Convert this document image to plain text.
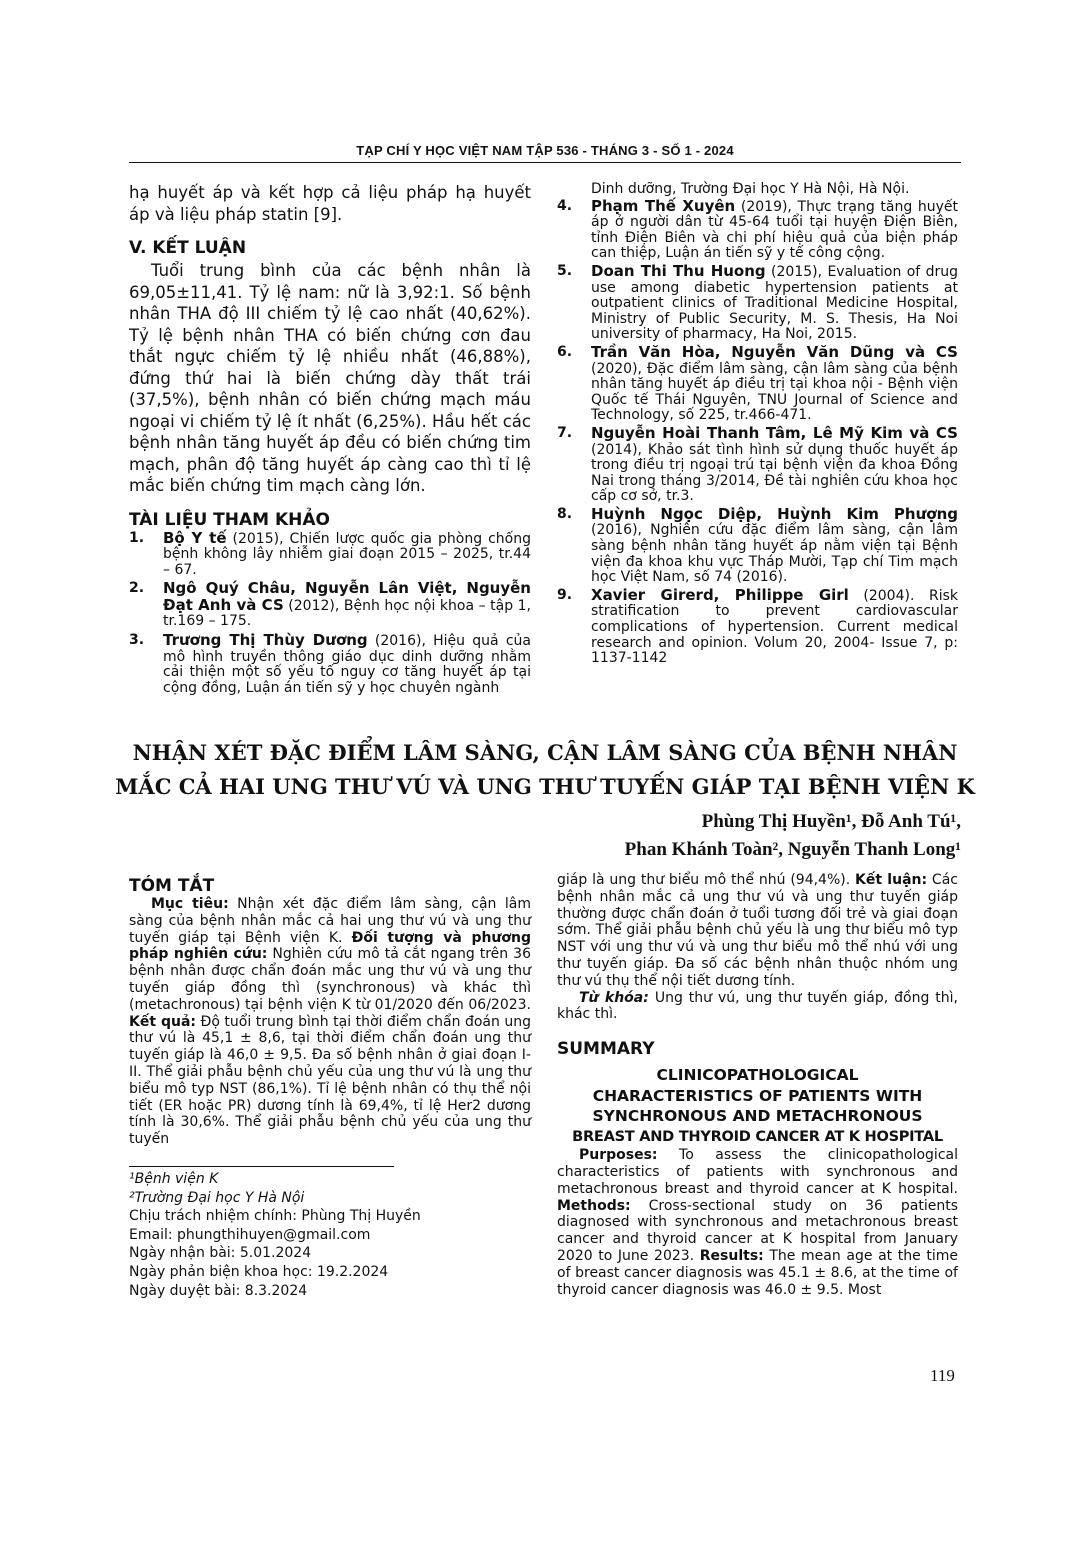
TẠP CHÍ Y HỌC VIỆT NAM TẬP 536 - THÁNG 3 - SỐ 1 - 2024
hạ huyết áp và kết hợp cả liệu pháp hạ huyết áp và liệu pháp statin [9].
V. KẾT LUẬN
Tuổi trung bình của các bệnh nhân là 69,05±11,41. Tỷ lệ nam: nữ là 3,92:1. Số bệnh nhân THA độ III chiếm tỷ lệ cao nhất (40,62%). Tỷ lệ bệnh nhân THA có biến chứng cơn đau thắt ngực chiếm tỷ lệ nhiều nhất (46,88%), đứng thứ hai là biến chứng dày thất trái (37,5%), bệnh nhân có biến chứng mạch máu ngoại vi chiếm tỷ lệ ít nhất (6,25%). Hầu hết các bệnh nhân tăng huyết áp đều có biến chứng tim mạch, phân độ tăng huyết áp càng cao thì tỉ lệ mắc biến chứng tim mạch càng lớn.
TÀI LIỆU THAM KHẢO
1. Bộ Y tế (2015), Chiến lược quốc gia phòng chống bệnh không lây nhiễm giai đoạn 2015 – 2025, tr.44 – 67.
2. Ngô Quý Châu, Nguyễn Lân Việt, Nguyễn Đạt Anh và CS (2012), Bệnh học nội khoa – tập 1, tr.169 – 175.
3. Trương Thị Thùy Dương (2016), Hiệu quả của mô hình truyền thông giáo dục dinh dưỡng nhằm cải thiện một số yếu tố nguy cơ tăng huyết áp tại cộng đồng, Luận án tiến sỹ y học chuyên ngành
Dinh dưỡng, Trường Đại học Y Hà Nội, Hà Nội.
4. Phạm Thế Xuyên (2019), Thực trạng tăng huyết áp ở người dân từ 45-64 tuổi tại huyện Điện Biên, tỉnh Điện Biên và chi phí hiệu quả của biện pháp can thiệp, Luận án tiến sỹ y tế công cộng.
5. Doan Thi Thu Huong (2015), Evaluation of drug use among diabetic hypertension patients at outpatient clinics of Traditional Medicine Hospital, Ministry of Public Security, M. S. Thesis, Ha Noi university of pharmacy, Ha Noi, 2015.
6. Trần Văn Hòa, Nguyễn Văn Dũng và CS (2020), Đặc điểm lâm sàng, cận lâm sàng của bệnh nhân tăng huyết áp điều trị tại khoa nội - Bệnh viện Quốc tế Thái Nguyên, TNU Journal of Science and Technology, số 225, tr.466-471.
7. Nguyễn Hoài Thanh Tâm, Lê Mỹ Kim và CS (2014), Khảo sát tình hình sử dụng thuốc huyết áp trong điều trị ngoại trú tại bệnh viện đa khoa Đồng Nai trong tháng 3/2014, Đề tài nghiên cứu khoa học cấp cơ sở, tr.3.
8. Huỳnh Ngọc Diệp, Huỳnh Kim Phượng (2016), Nghiên cứu đặc điểm lâm sàng, cận lâm sàng bệnh nhân tăng huyết áp nằm viện tại Bệnh viện đa khoa khu vực Tháp Mười, Tạp chí Tim mạch học Việt Nam, số 74 (2016).
9. Xavier Girerd, Philippe Girl (2004). Risk stratification to prevent cardiovascular complications of hypertension. Current medical research and opinion. Volum 20, 2004- Issue 7, p: 1137-1142
NHẬN XÉT ĐẶC ĐIỂM LÂM SÀNG, CẬN LÂM SÀNG CỦA BỆNH NHÂN
MẮC CẢ HAI UNG THƯ VÚ VÀ UNG THƯ TUYẾN GIÁP TẠI BỆNH VIỆN K
Phùng Thị Huyền¹, Đỗ Anh Tú¹,
Phan Khánh Toàn², Nguyễn Thanh Long¹
TÓM TẮT

Mục tiêu: Nhận xét đặc điểm lâm sàng, cận lâm sàng của bệnh nhân mắc cả hai ung thư vú và ung thư tuyến giáp tại Bệnh viện K. Đối tượng và phương pháp nghiên cứu: Nghiên cứu mô tả cắt ngang trên 36 bệnh nhân được chẩn đoán mắc ung thư vú và ung thư tuyến giáp đồng thì (synchronous) và khác thì (metachronous) tại bệnh viện K từ 01/2020 đến 06/2023. Kết quả: Độ tuổi trung bình tại thời điểm chẩn đoán ung thư vú là 45,1 ± 8,6, tại thời điểm chẩn đoán ung thư tuyến giáp là 46,0 ± 9,5. Đa số bệnh nhân ở giai đoạn I-II. Thể giải phẫu bệnh chủ yếu của ung thư vú là ung thư biểu mô typ NST (86,1%). Tỉ lệ bệnh nhân có thụ thể nội tiết (ER hoặc PR) dương tính là 69,4%, tỉ lệ Her2 dương tính là 30,6%. Thể giải phẫu bệnh chủ yếu của ung thư tuyến

¹Bệnh viện K
²Trường Đại học Y Hà Nội
Chịu trách nhiệm chính: Phùng Thị Huyền
Email: phungthihuyen@gmail.com
Ngày nhận bài: 5.01.2024
Ngày phản biện khoa học: 19.2.2024
Ngày duyệt bài: 8.3.2024

giáp là ung thư biểu mô thể nhú (94,4%). Kết luận: Các bệnh nhân mắc cả ung thư vú và ung thư tuyến giáp thường được chẩn đoán ở tuổi tương đối trẻ và giai đoạn sớm. Thể giải phẫu bệnh chủ yếu là ung thư biểu mô typ NST với ung thư vú và ung thư biểu mô thể nhú với ung thư tuyến giáp. Đa số các bệnh nhân thuộc nhóm ung thư vú thụ thể nội tiết dương tính.

Từ khóa: Ung thư vú, ung thư tuyến giáp, đồng thì, khác thì.

SUMMARY
CLINICOPATHOLOGICAL
CHARACTERISTICS OF PATIENTS WITH
SYNCHRONOUS AND METACHRONOUS
BREAST AND THYROID CANCER AT K HOSPITAL

Purposes: To assess the clinicopathological characteristics of patients with synchronous and metachronous breast and thyroid cancer at K hospital. Methods: Cross-sectional study on 36 patients diagnosed with synchronous and metachronous breast cancer and thyroid cancer at K hospital from January 2020 to June 2023. Results: The mean age at the time of breast cancer diagnosis was 45.1 ± 8.6, at the time of thyroid cancer diagnosis was 46.0 ± 9.5. Most

119
